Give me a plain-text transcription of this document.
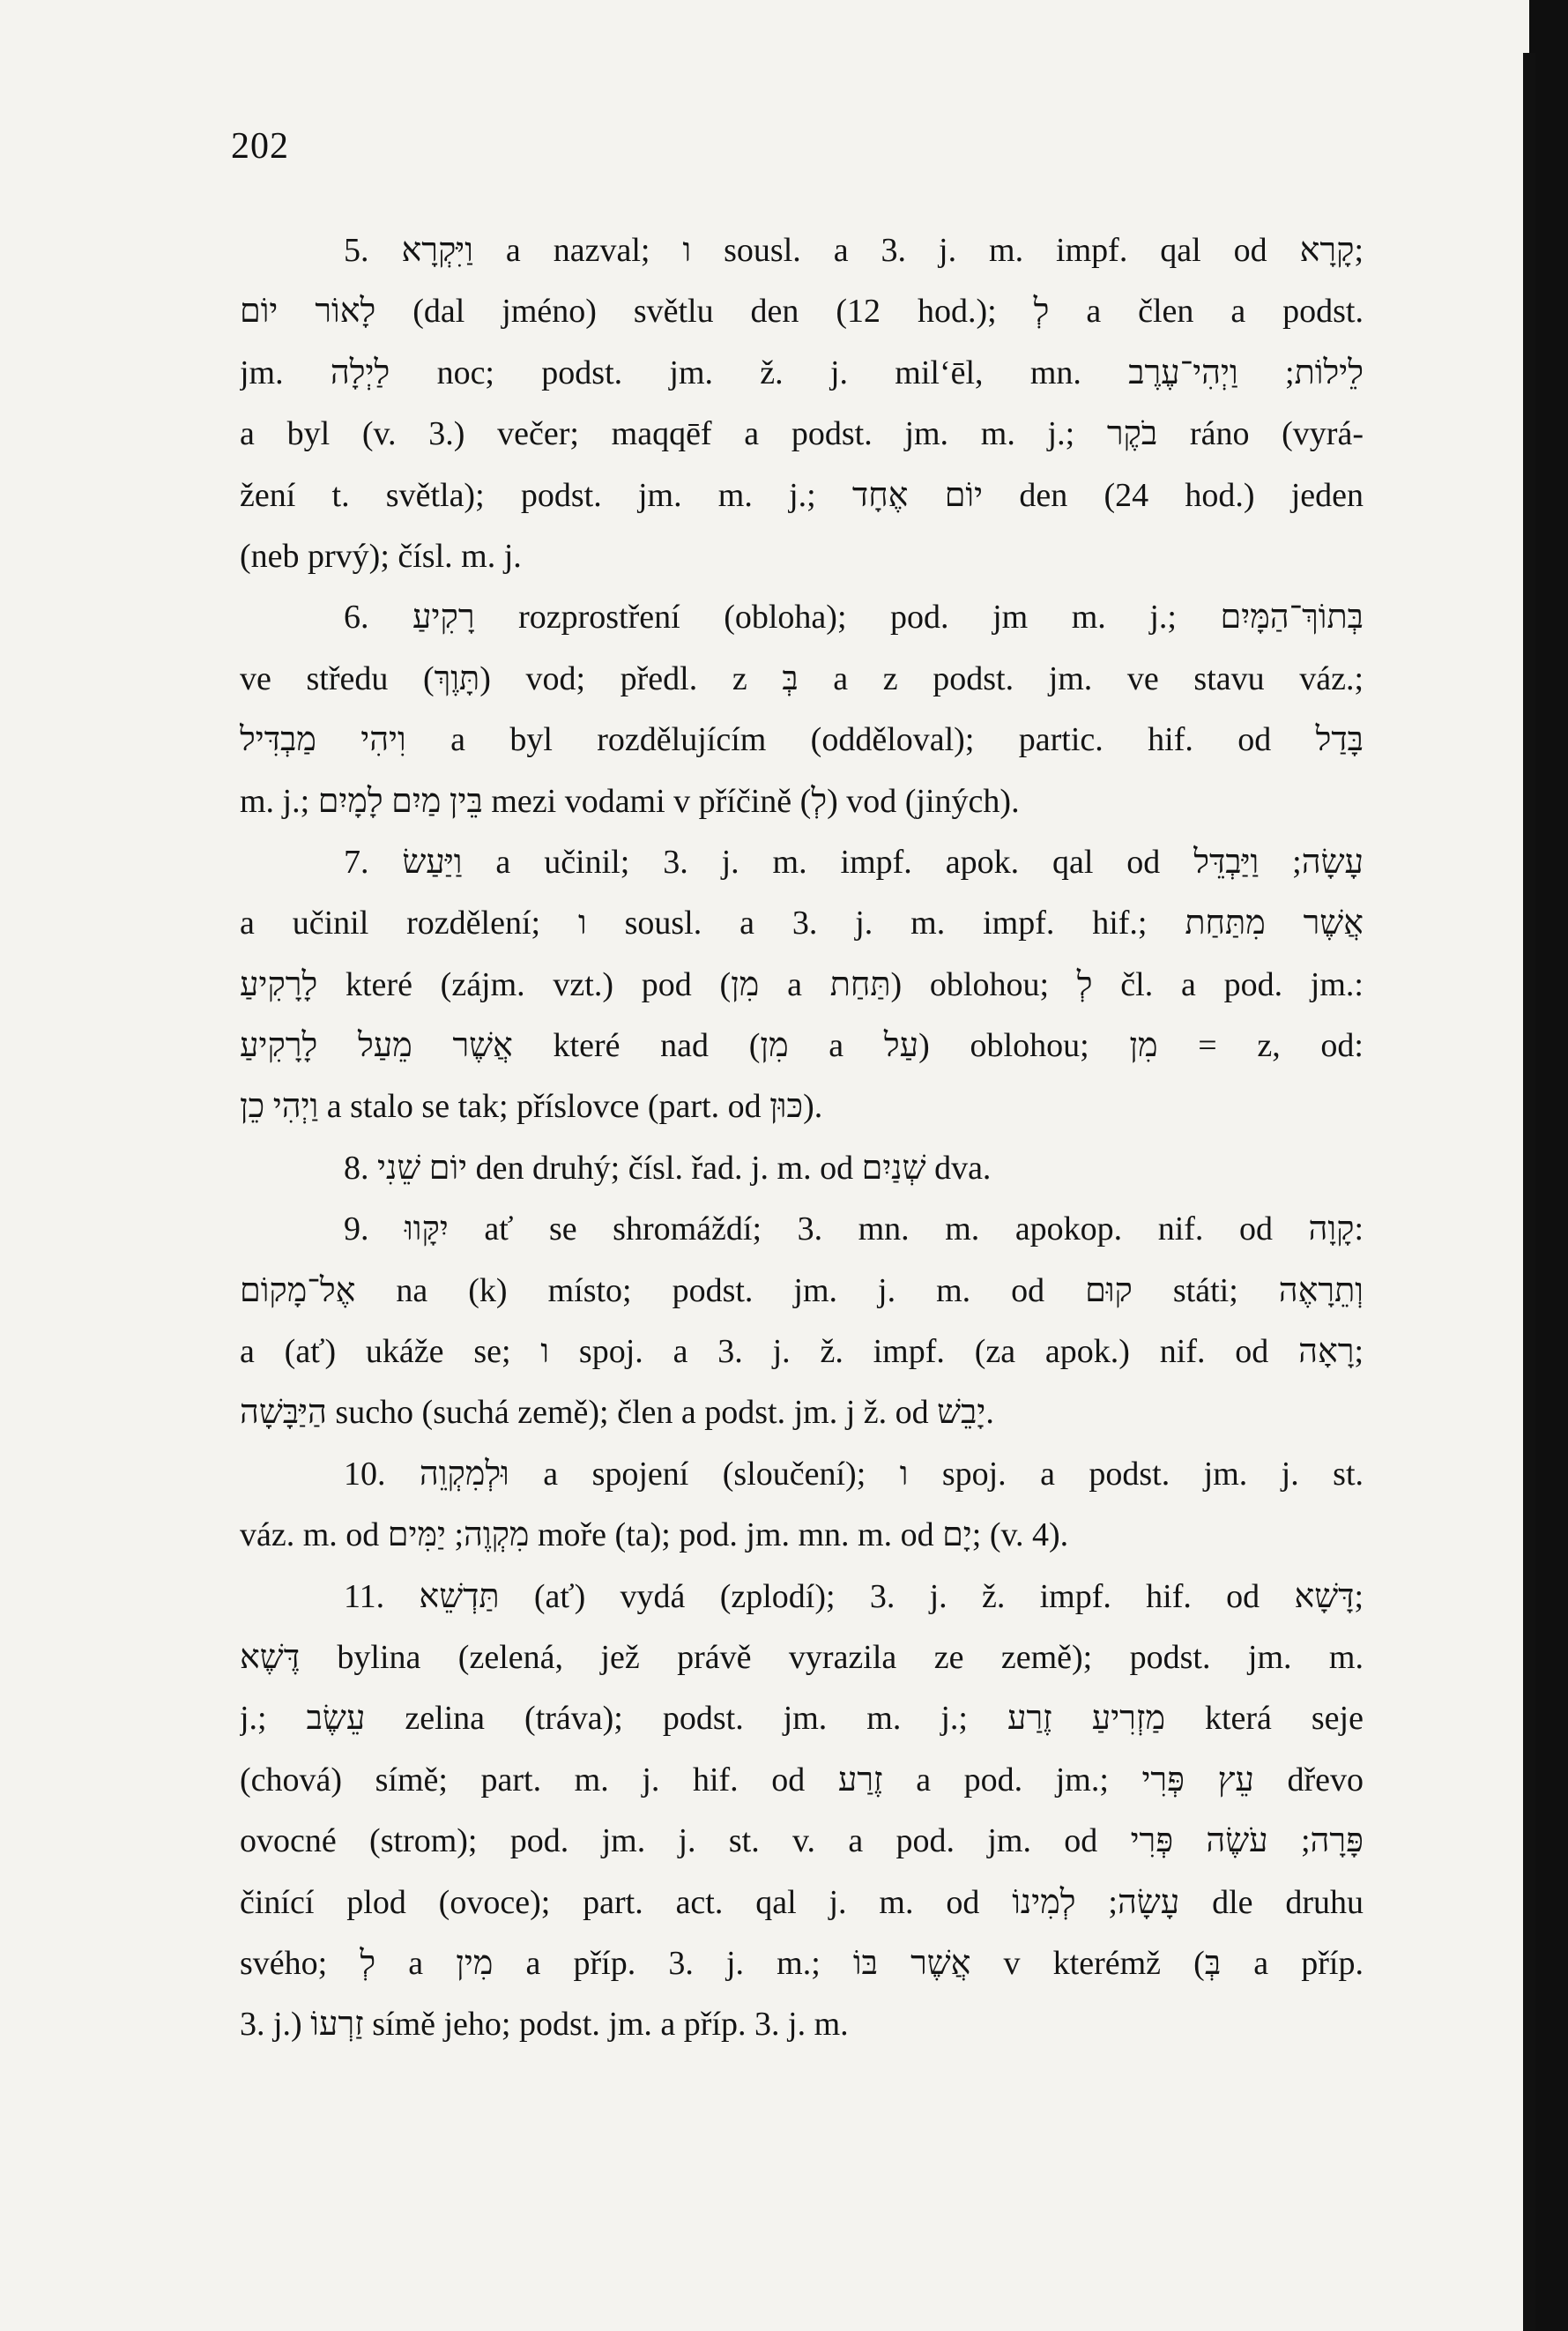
202
5. וַיִּקְרָא a nazval; ו sousl. a 3. j. m. impf. qal od קָרָא;
לָאוֹר יוֹם (dal jméno) světlu den (12 hod.); לְ a člen a podst.
jm. לַיְלָה noc; podst. jm. ž. j. milʻēl, mn. לֵילוֹת; וַיְהִי־עֶרֶב
a byl (v. 3.) večer; maqqēf a podst. jm. m. j.; בֹקֶר ráno (vyrá-
žení t. světla); podst. jm. m. j.; יוֹם אֶחָד den (24 hod.) jeden
(neb prvý); čísl. m. j.
6. רָקִיעַ rozprostření (obloha); pod. jm m. j.; בְּתוֹךְ־הַמָּיִם
ve středu (תָּוֶךְ) vod; předl. z בְּ a z podst. jm. ve stavu váz.;
וִיהִי מַבְדִּיל a byl rozdělujícím (odděloval); partic. hif. od בָּדַל
m. j.; בֵּין מַיִם לָמָיִם mezi vodami v příčině (לְ) vod (jiných).
7. וַיַּעַשׂ a učinil; 3. j. m. impf. apok. qal od עָשָׂה; וַיַּבְדֵּל
a učinil rozdělení; ו sousl. a 3. j. m. impf. hif.; אֲשֶׁר מִתַּחַת
לָרָקִיעַ které (zájm. vzt.) pod (מִן a תַּחַת) oblohou; לְ čl. a pod. jm.:
אֲשֶׁר מֵעַל לָרָקִיעַ které nad (מִן a עַל) oblohou; מִן = z, od:
וַיְהִי כֵן a stalo se tak; příslovce (part. od כּוּן).
8. יוֹם שֵׁנִי den druhý; čísl. řad. j. m. od שְׁנַיִם dva.
9. יִקָּווּ ať se shromáždí; 3. mn. m. apokop. nif. od קָוָה:
אֶל־מָקוֹם na (k) místo; podst. jm. j. m. od קוּם státi; וְתֵרָאֶה
a (ať) ukáže se; ו spoj. a 3. j. ž. impf. (za apok.) nif. od רָאָה;
הַיַּבָּשָׁה sucho (suchá země); člen a podst. jm. j ž. od יָבֵשׁ.
10. וּלְמִקְוֵה a spojení (sloučení); ו spoj. a podst. jm. j. st.
váz. m. od מִקְוֶה; יַמִּים moře (ta); pod. jm. mn. m. od יָם; (v. 4).
11. תַּדְשֵׁא (ať) vydá (zplodí); 3. j. ž. impf. hif. od דָּשָׁא;
דֶּשֶׁא bylina (zelená, jež právě vyrazila ze země); podst. jm. m.
j.; עֵשֶׂב zelina (tráva); podst. jm. m. j.; מַזְרִיעַ זֶרַע která seje
(chová) símě; part. m. j. hif. od זֶרַע a pod. jm.; עֵץ פְּרִי dřevo
ovocné (strom); pod. jm. j. st. v. a pod. jm. od פָּרָה; עֹשֶׂה פְּרִי
činící plod (ovoce); part. act. qal j. m. od עָשָׂה; לְמִינוֹ dle druhu
svého; לְ a מִין a příp. 3. j. m.; אֲשֶׁר בּוֹ v kterémž (בְּ a příp.
3. j.) זַרְעוֹ símě jeho; podst. jm. a příp. 3. j. m.
